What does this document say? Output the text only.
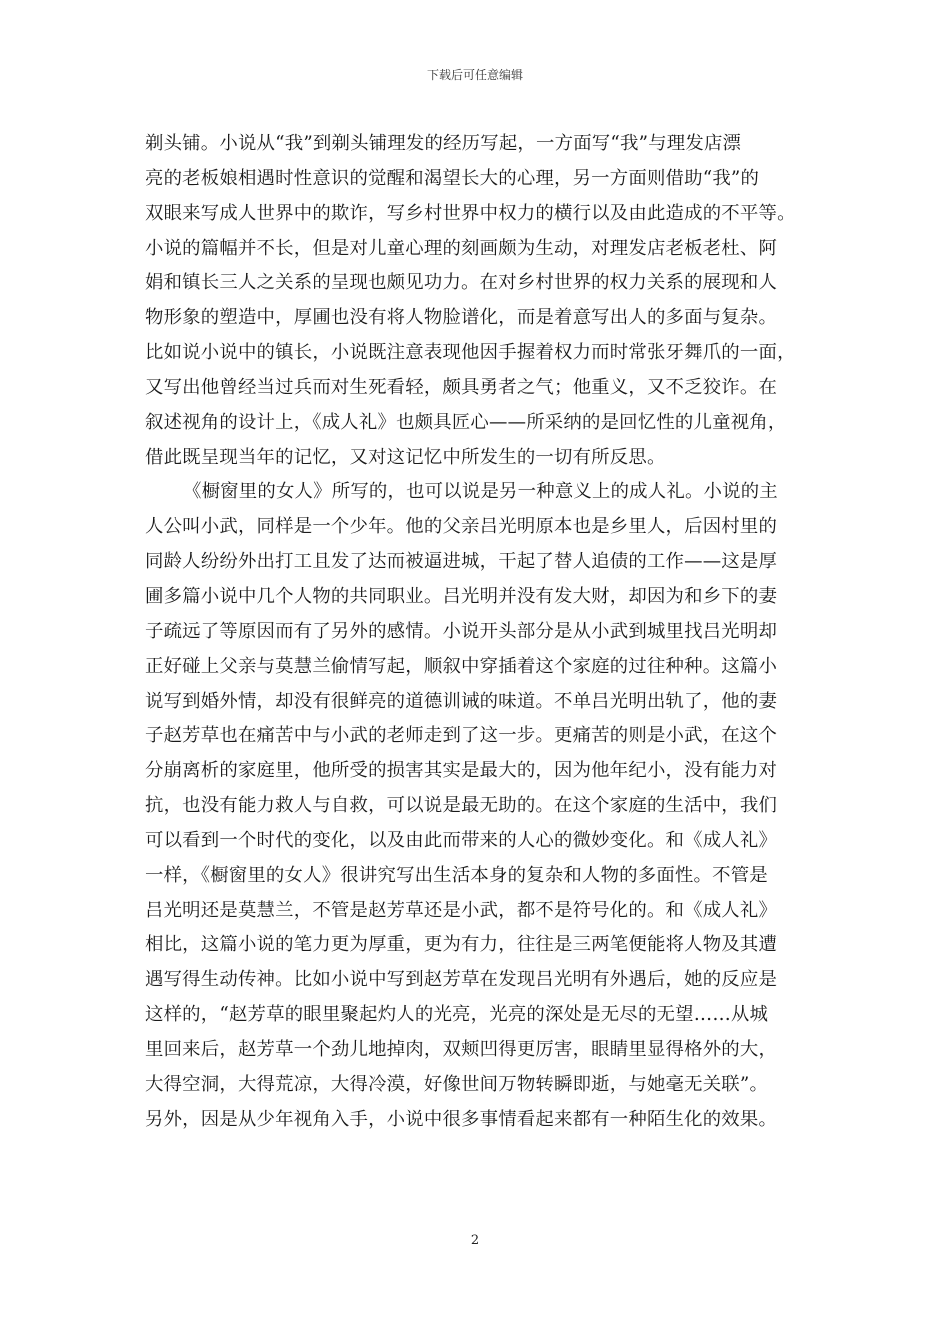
下载后可任意编辑
剃头铺。小说从“我”到剃头铺理发的经历写起，一方面写“我”与理发店漂
亮的老板娘相遇时性意识的觉醒和渴望长大的心理，另一方面则借助“我”的
双眼来写成人世界中的欺诈，写乡村世界中权力的横行以及由此造成的不平等。
小说的篇幅并不长，但是对儿童心理的刻画颇为生动，对理发店老板老杜、阿
娟和镇长三人之关系的呈现也颇见功力。在对乡村世界的权力关系的展现和人
物形象的塑造中，厚圃也没有将人物脸谱化，而是着意写出人的多面与复杂。
比如说小说中的镇长，小说既注意表现他因手握着权力而时常张牙舞爪的一面，
又写出他曾经当过兵而对生死看轻，颇具勇者之气；他重义，又不乏狡诈。在
叙述视角的设计上，《成人礼》也颇具匠心——所采纳的是回忆性的儿童视角，
借此既呈现当年的记忆，又对这记忆中所发生的一切有所反思。
《橱窗里的女人》所写的，也可以说是另一种意义上的成人礼。小说的主
人公叫小武，同样是一个少年。他的父亲吕光明原本也是乡里人，后因村里的
同龄人纷纷外出打工且发了达而被逼进城，干起了替人追债的工作——这是厚
圃多篇小说中几个人物的共同职业。吕光明并没有发大财，却因为和乡下的妻
子疏远了等原因而有了另外的感情。小说开头部分是从小武到城里找吕光明却
正好碰上父亲与莫慧兰偷情写起，顺叙中穿插着这个家庭的过往种种。这篇小
说写到婚外情，却没有很鲜亮的道德训诫的味道。不单吕光明出轨了，他的妻
子赵芳草也在痛苦中与小武的老师走到了这一步。更痛苦的则是小武，在这个
分崩离析的家庭里，他所受的损害其实是最大的，因为他年纪小，没有能力对
抗，也没有能力救人与自救，可以说是最无助的。在这个家庭的生活中，我们
可以看到一个时代的变化，以及由此而带来的人心的微妙变化。和《成人礼》
一样，《橱窗里的女人》很讲究写出生活本身的复杂和人物的多面性。不管是
吕光明还是莫慧兰，不管是赵芳草还是小武，都不是符号化的。和《成人礼》
相比，这篇小说的笔力更为厚重，更为有力，往往是三两笔便能将人物及其遭
遇写得生动传神。比如小说中写到赵芳草在发现吕光明有外遇后，她的反应是
这样的，“赵芳草的眼里聚起灼人的光亮，光亮的深处是无尽的无望……从城
里回来后，赵芳草一个劲儿地掉肉，双颊凹得更厉害，眼睛里显得格外的大，
大得空洞，大得荒凉，大得冷漠，好像世间万物转瞬即逝，与她毫无关联”。
另外，因是从少年视角入手，小说中很多事情看起来都有一种陌生化的效果。
2
